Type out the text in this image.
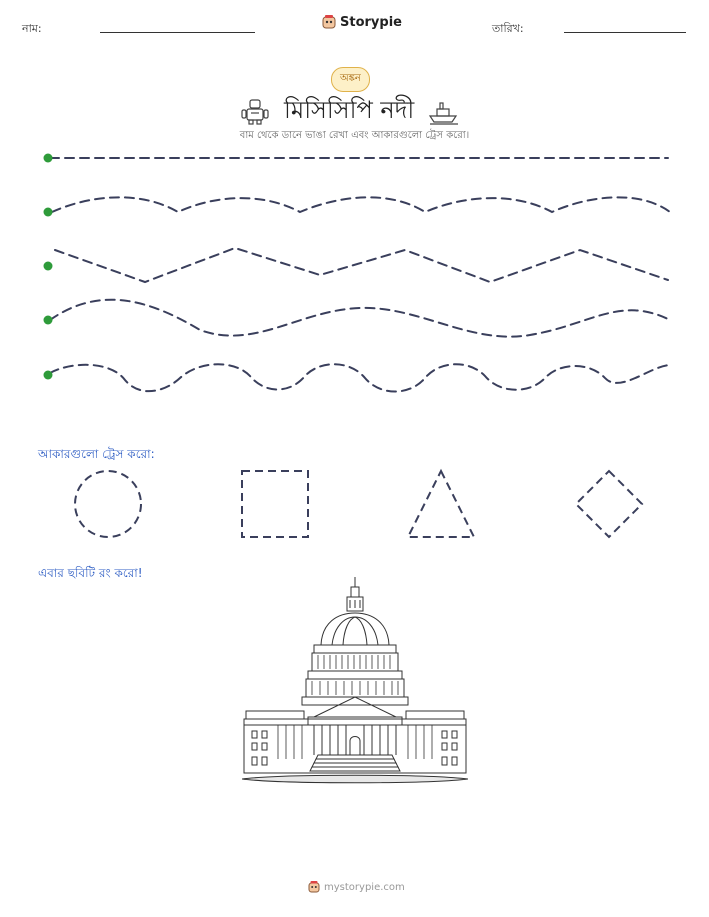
নাম:	Storypie	তারিখ:
অঙ্কন
মিসিসিপি নদী
বাম থেকে ডানে ভাঙা রেখা এবং আকারগুলো ট্রেস করো।
আকারগুলো ট্রেস করো:
এবার ছবিটি রং করো!
mystorypie.com
